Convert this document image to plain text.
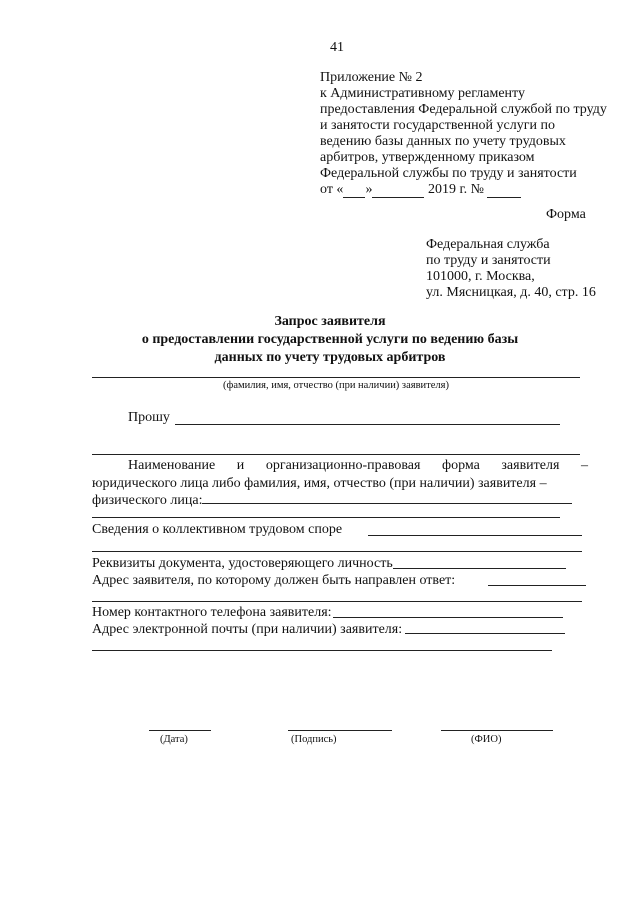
41
Приложение № 2
к Административному регламенту
предоставления Федеральной службой по труду
и занятости государственной услуги по
ведению базы данных по учету трудовых
арбитров, утвержденному приказом
Федеральной службы по труду и занятости
от « »	2019 г. №
Форма
Федеральная служба
по труду и занятости
101000, г. Москва,
ул. Мясницкая, д. 40, стр. 16
Запрос заявителя
о предоставлении государственной услуги по ведению базы
данных по учету трудовых арбитров
(фамилия, имя, отчество (при наличии) заявителя)
Прошу
Наименование и организационно-правовая форма заявителя –
юридического лица либо фамилия, имя, отчество (при наличии) заявителя –
физического лица:
Сведения о коллективном трудовом споре
Реквизиты документа, удостоверяющего личность
Адрес заявителя, по которому должен быть направлен ответ:
Номер контактного телефона заявителя:
Адрес электронной почты (при наличии) заявителя:
(Дата)	(Подпись)	(ФИО)
